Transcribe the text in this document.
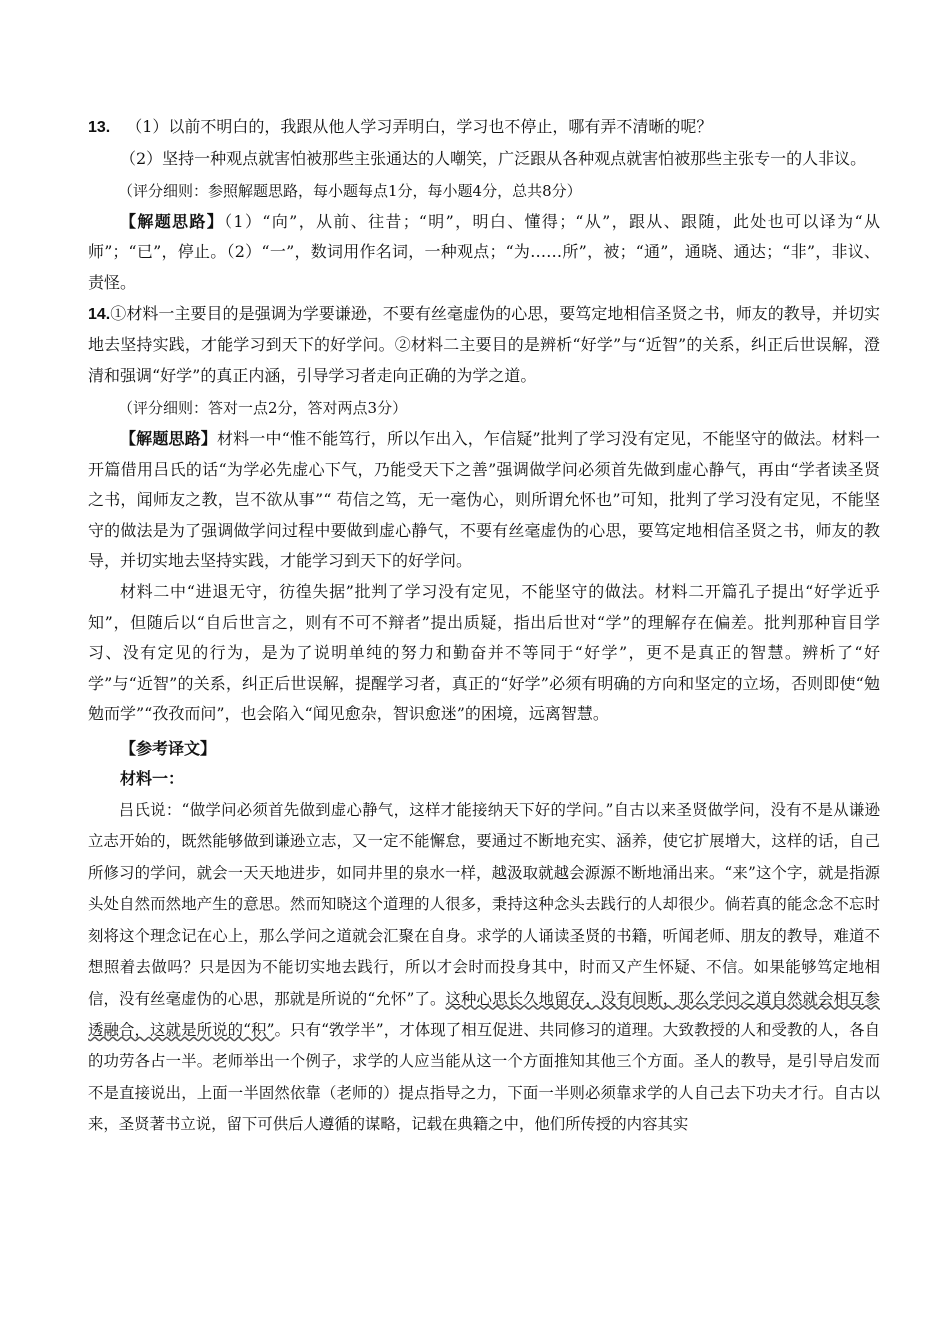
13. （1）以前不明白的，我跟从他人学习弄明白，学习也不停止，哪有弄不清晰的呢？

（2）坚持一种观点就害怕被那些主张通达的人嘲笑，广泛跟从各种观点就害怕被那些主张专一的人非议。

（评分细则：参照解题思路，每小题每点1分，每小题4分，总共8分）

【解题思路】（1）“向”，从前、往昔；“明”，明白、懂得；“从”，跟从、跟随，此处也可以译为“从师”；“已”，停止。（2）“一”，数词用作名词，一种观点；“为……所”，被；“通”，通晓、通达；“非”，非议、责怪。

14.①材料一主要目的是强调为学要谦逊，不要有丝毫虚伪的心思，要笃定地相信圣贤之书，师友的教导，并切实地去坚持实践，才能学习到天下的好学问。②材料二主要目的是辨析“好学”与“近智”的关系，纠正后世误解，澄清和强调“好学”的真正内涵，引导学习者走向正确的为学之道。

（评分细则：答对一点2分，答对两点3分）

【解题思路】材料一中“惟不能笃行，所以乍出入，乍信疑”批判了学习没有定见，不能坚守的做法。材料一开篇借用吕氏的话“为学必先虚心下气，乃能受天下之善”强调做学问必须首先做到虚心静气，再由“学者读圣贤之书，闻师友之教，岂不欲从事”“ 苟信之笃，无一毫伪心，则所谓允怀也”可知，批判了学习没有定见，不能坚守的做法是为了强调做学问过程中要做到虚心静气，不要有丝毫虚伪的心思，要笃定地相信圣贤之书，师友的教导，并切实地去坚持实践，才能学习到天下的好学问。

材料二中“进退无守，彷徨失据”批判了学习没有定见，不能坚守的做法。材料二开篇孔子提出“好学近乎知”，但随后以“自后世言之，则有不可不辩者”提出质疑，指出后世对“学”的理解存在偏差。批判那种盲目学习、没有定见的行为，是为了说明单纯的努力和勤奋并不等同于“好学”，更不是真正的智慧。辨析了“好学”与“近智”的关系，纠正后世误解，提醒学习者，真正的“好学”必须有明确的方向和坚定的立场，否则即使“勉勉而学”“孜孜而问”，也会陷入“闻见愈杂，智识愈迷”的困境，远离智慧。

【参考译文】

材料一：

吕氏说：“做学问必须首先做到虚心静气，这样才能接纳天下好的学问。”自古以来圣贤做学问，没有不是从谦逊立志开始的，既然能够做到谦逊立志，又一定不能懈怠，要通过不断地充实、涵养，使它扩展增大，这样的话，自己所修习的学问，就会一天天地进步，如同井里的泉水一样，越汲取就越会源源不断地涌出来。“来”这个字，就是指源头处自然而然地产生的意思。然而知晓这个道理的人很多，秉持这种念头去践行的人却很少。倘若真的能念念不忘时刻将这个理念记在心上，那么学问之道就会汇聚在自身。求学的人诵读圣贤的书籍，听闻老师、朋友的教导，难道不想照着去做吗？只是因为不能切实地去践行，所以才会时而投身其中，时而又产生怀疑、不信。如果能够笃定地相信，没有丝毫虚伪的心思，那就是所说的“允怀”了。这种心思长久地留存，没有间断，那么学问之道自然就会相互参透融合，这就是所说的“积”。只有“敩学半”，才体现了相互促进、共同修习的道理。大致教授的人和受教的人，各自的功劳各占一半。老师举出一个例子，求学的人应当能从这一个方面推知其他三个方面。圣人的教导，是引导启发而不是直接说出，上面一半固然依靠（老师的）提点指导之力，下面一半则必须靠求学的人自己去下功夫才行。自古以来，圣贤著书立说，留下可供后人遵循的谋略，记载在典籍之中，他们所传授的内容其实
